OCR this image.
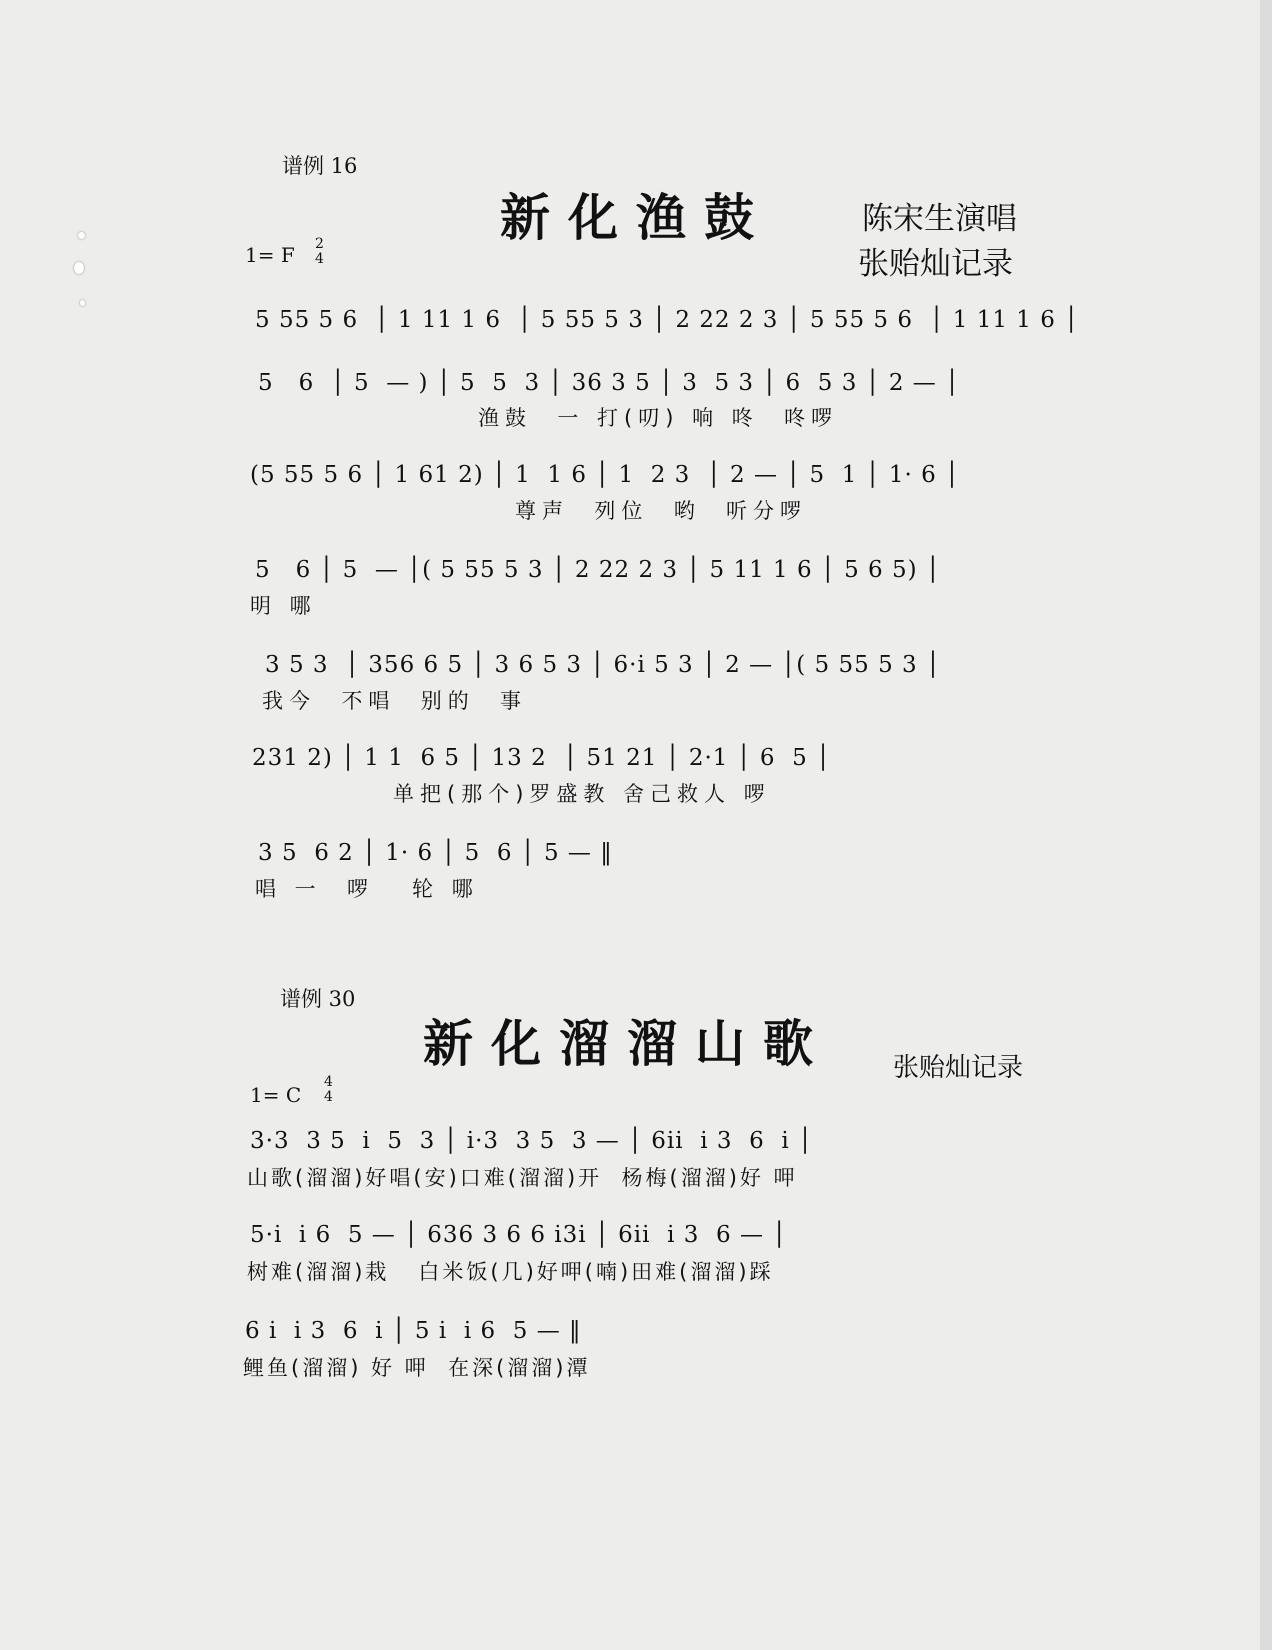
谱例 16
新化渔鼓	陈宋生演唱
张贻灿记录
1= F 2
4
5 55 5 6  │ 1 11 1 6  │ 5 55 5 3 │ 2 22 2 3 │ 5 55 5 6  │ 1 11 1 6 │
5   6  │ 5  — ) │ 5  5  3 │ 36 3 5 │ 3  5 3 │ 6  5 3 │ 2 — │
渔鼓  一 打(叨) 响 咚  咚啰
(5 55 5 6 │ 1 61 2) │ 1  1 6 │ 1  2 3  │ 2 — │ 5  1 │ 1· 6 │
尊声  列位  哟  听分啰
5   6 │ 5  — │( 5 55 5 3 │ 2 22 2 3 │ 5 11 1 6 │ 5 6 5) │
明 哪
3 5 3  │ 356 6 5 │ 3 6 5 3 │ 6·i 5 3 │ 2 — │( 5 55 5 3 │
我今  不唱  别的  事
231 2) │ 1 1  6 5 │ 13 2  │ 51 21 │ 2·1 │ 6  5 │
单把(那个)罗盛教 舍己救人 啰
3 5  6 2 │ 1· 6 │ 5  6 │ 5 — ‖
唱 一  啰   轮 哪
谱例 30
新化溜溜山歌 张贻灿记录
1= C
4
4
3·3  3 5  i  5  3 │ i·3  3 5  3 — │ 6ii  i 3  6  i │
山歌(溜溜)好唱(安)口难(溜溜)开  杨梅(溜溜)好 呷
5·i  i 6  5 — │ 636 3 6 6 i3i │ 6ii  i 3  6 — │
树难(溜溜)栽   白米饭(几)好呷(喃)田难(溜溜)踩
6 i  i 3  6  i │ 5 i  i 6  5 — ‖
鲤鱼(溜溜) 好 呷  在深(溜溜)潭
